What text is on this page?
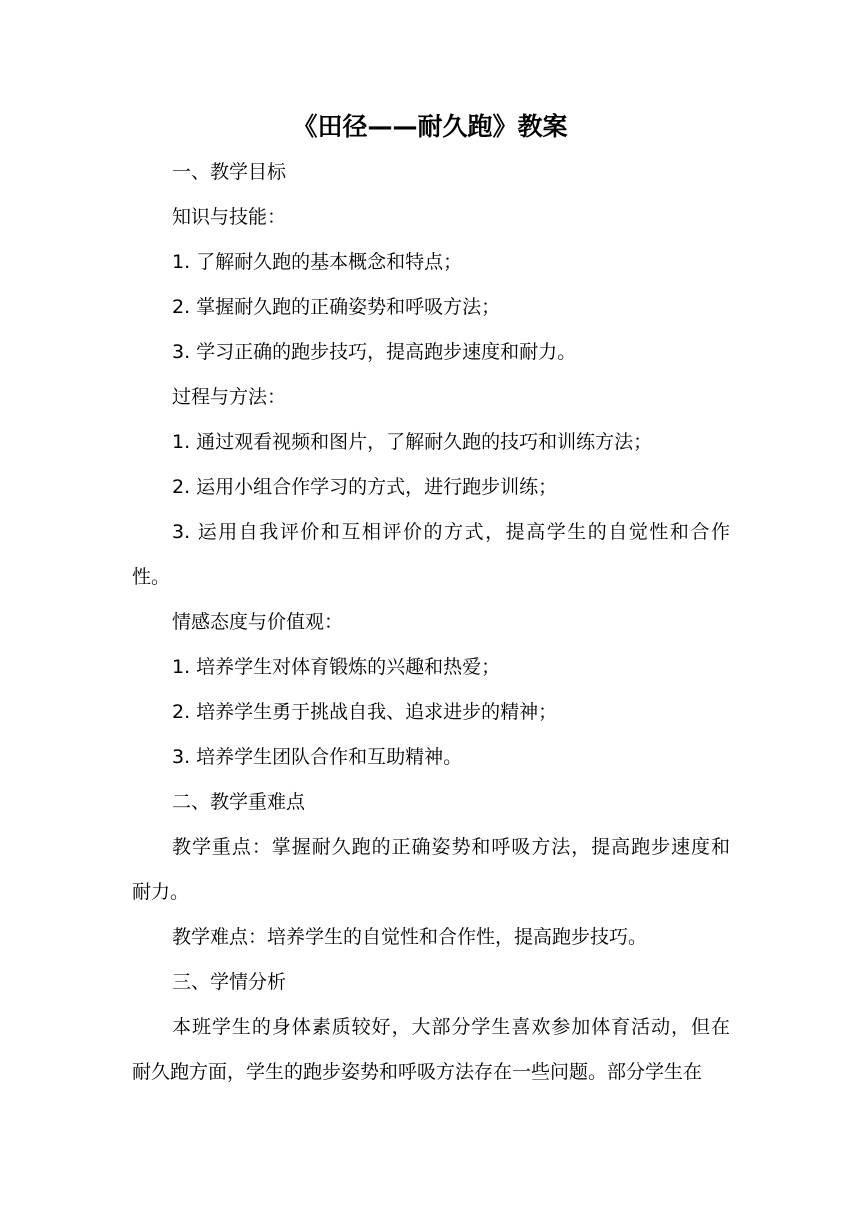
《田径——耐久跑》教案
一、教学目标
知识与技能：
1. 了解耐久跑的基本概念和特点；
2. 掌握耐久跑的正确姿势和呼吸方法；
3. 学习正确的跑步技巧，提高跑步速度和耐力。
过程与方法：
1. 通过观看视频和图片，了解耐久跑的技巧和训练方法；
2. 运用小组合作学习的方式，进行跑步训练；
3. 运用自我评价和互相评价的方式，提高学生的自觉性和合作
性。
情感态度与价值观：
1. 培养学生对体育锻炼的兴趣和热爱；
2. 培养学生勇于挑战自我、追求进步的精神；
3. 培养学生团队合作和互助精神。
二、教学重难点
教学重点：掌握耐久跑的正确姿势和呼吸方法，提高跑步速度和
耐力。
教学难点：培养学生的自觉性和合作性，提高跑步技巧。
三、学情分析
本班学生的身体素质较好，大部分学生喜欢参加体育活动，但在
耐久跑方面，学生的跑步姿势和呼吸方法存在一些问题。部分学生在
